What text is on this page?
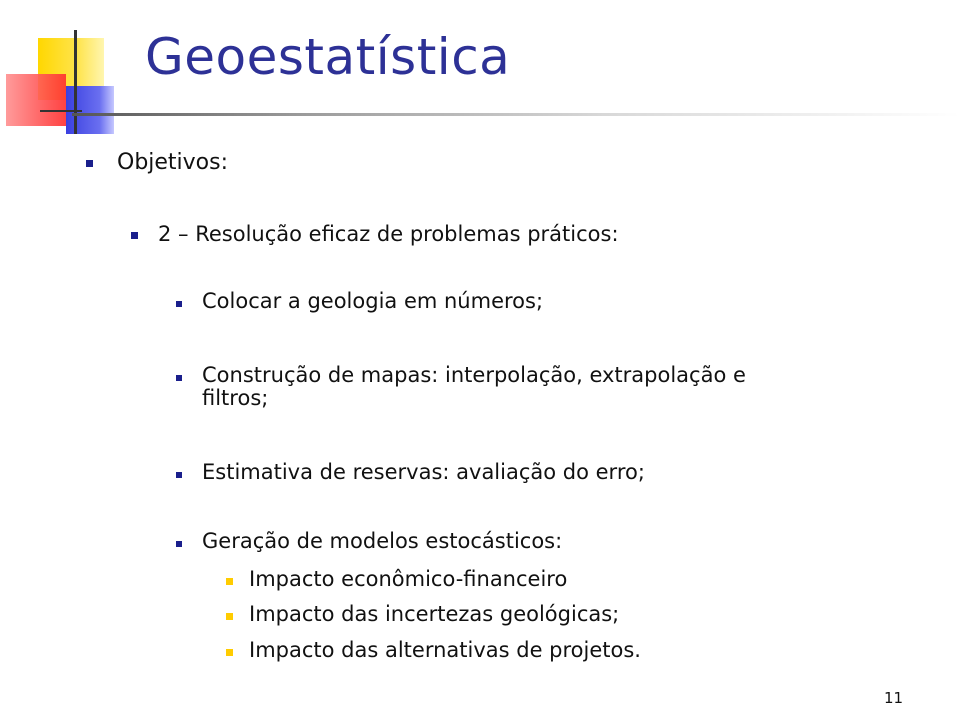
Geoestatística
Objetivos:
2 – Resolução eficaz de problemas práticos:
Colocar a geologia em números;
Construção de mapas: interpolação, extrapolação e
filtros;
Estimativa de reservas: avaliação do erro;
Geração de modelos estocásticos:
Impacto econômico-financeiro
Impacto das incertezas geológicas;
Impacto das alternativas de projetos.
11
